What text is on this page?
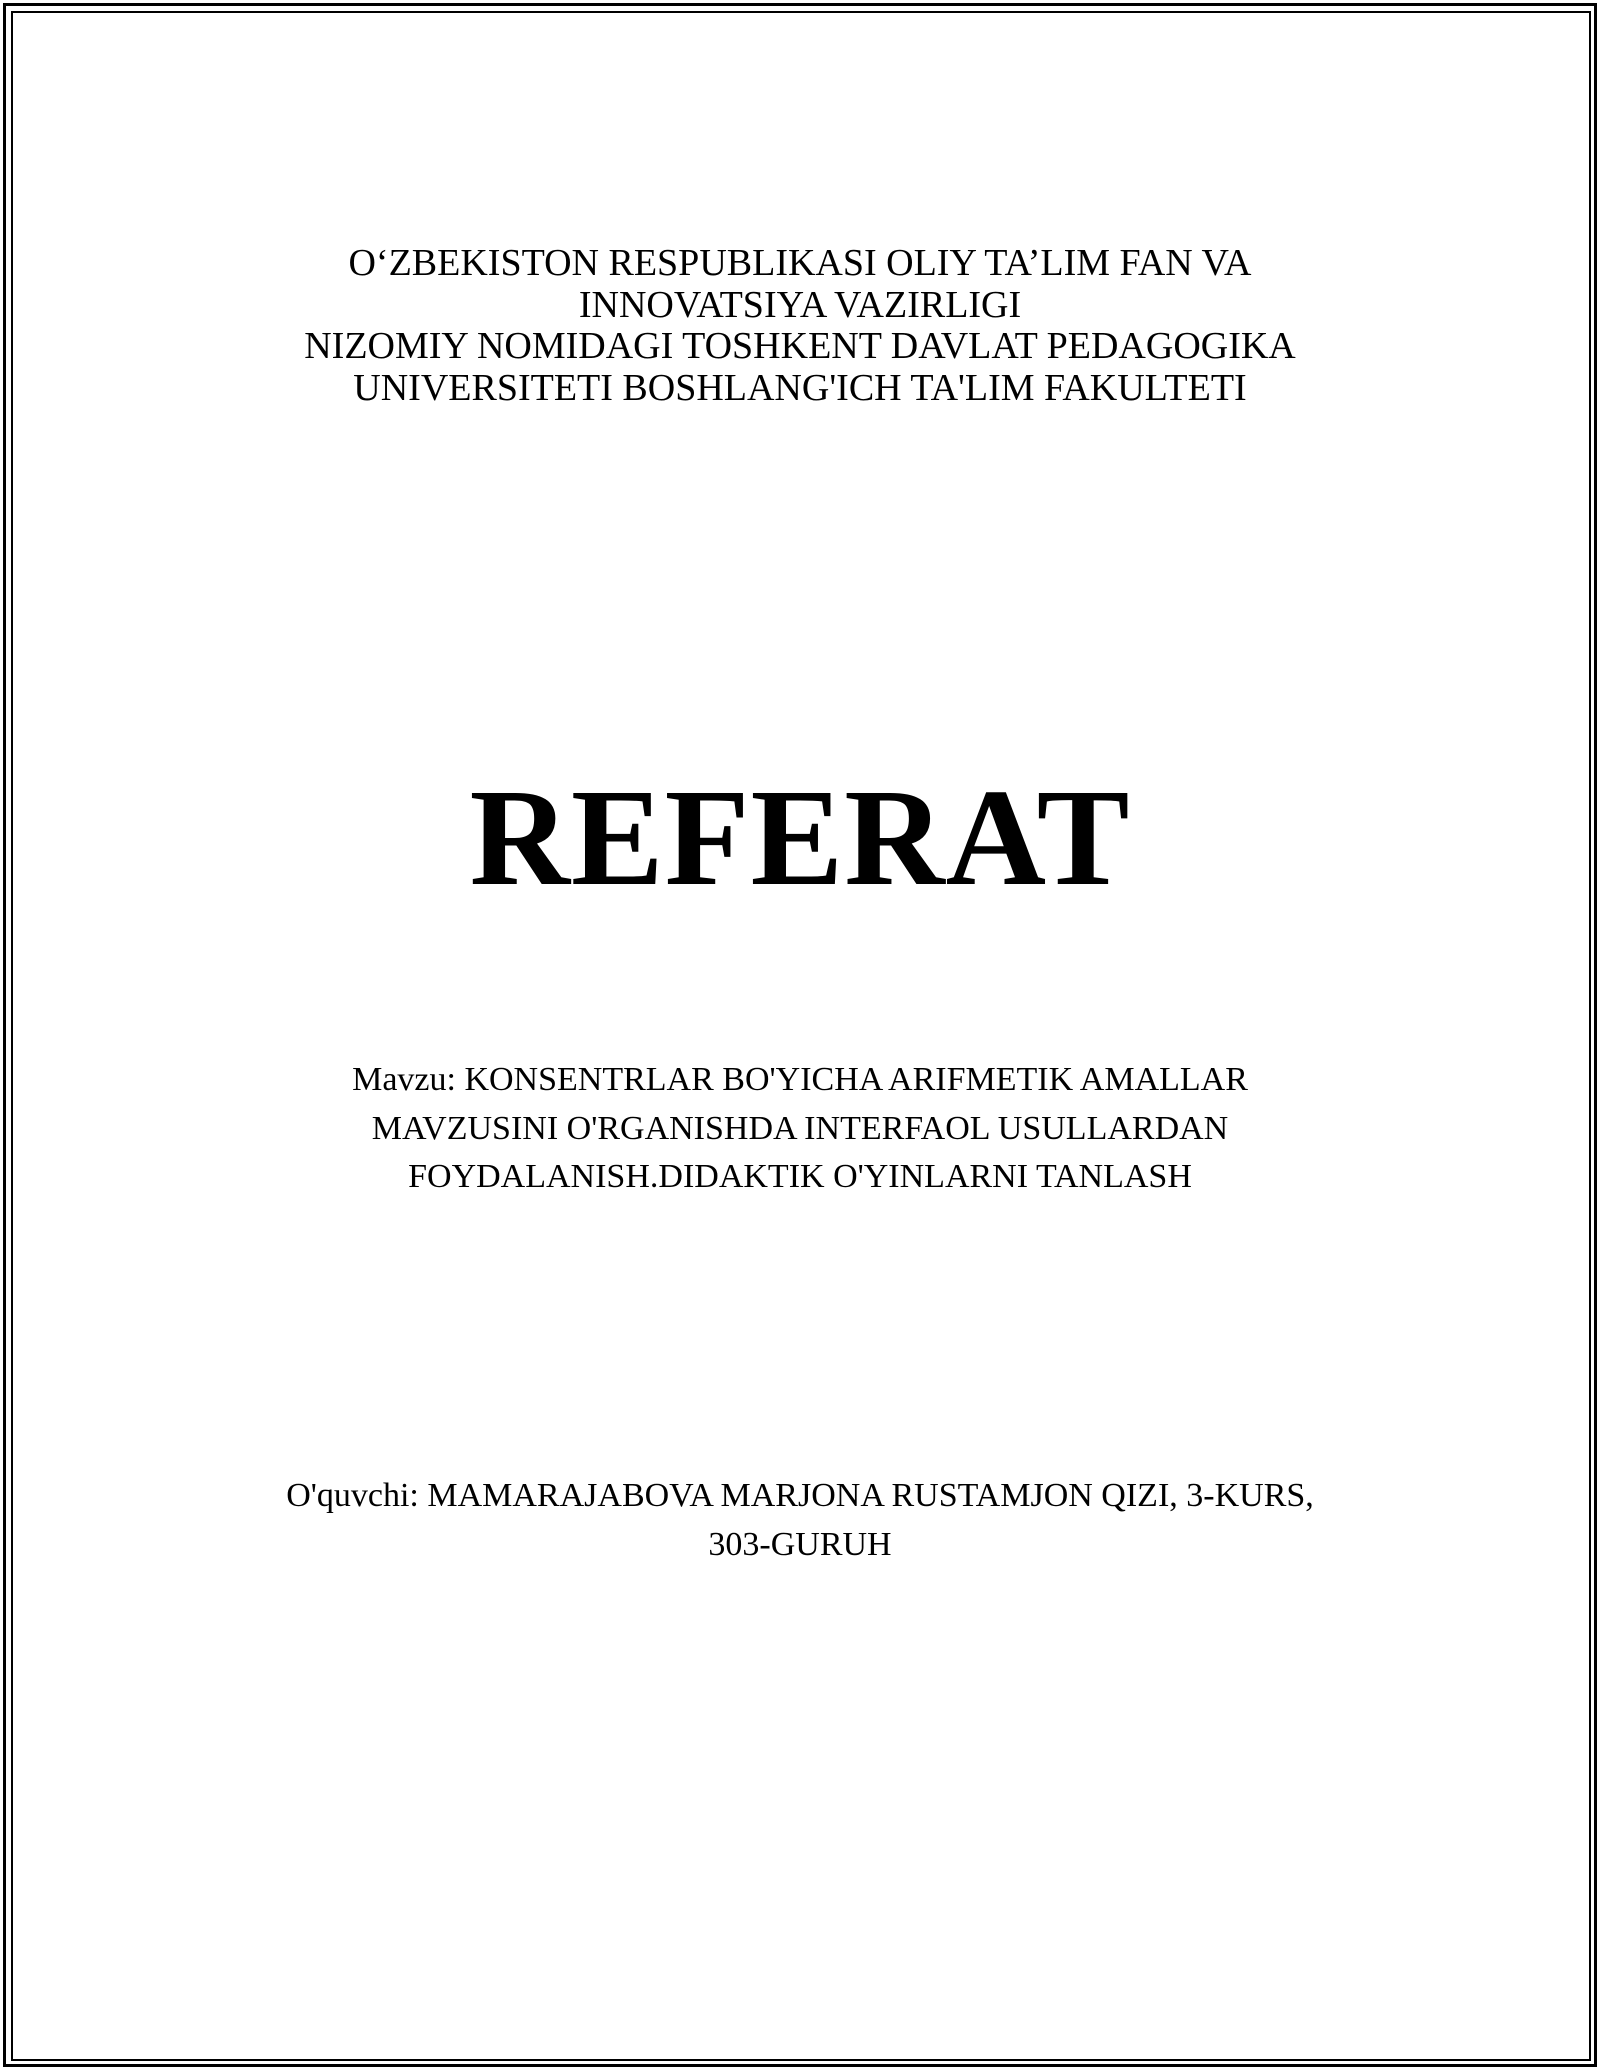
O‘ZBEKISTON RESPUBLIKASI OLIY TA’LIM FAN VA
INNOVATSIYA VAZIRLIGI
NIZOMIY NOMIDAGI TOSHKENT DAVLAT PEDAGOGIKA
UNIVERSITETI BOSHLANG'ICH TA'LIM FAKULTETI
REFERAT
Mavzu: KONSENTRLAR BO'YICHA ARIFMETIK AMALLAR
MAVZUSINI O'RGANISHDA INTERFAOL USULLARDAN
FOYDALANISH.DIDAKTIK O'YINLARNI TANLASH
O'quvchi: MAMARAJABOVA MARJONA RUSTAMJON QIZI, 3-KURS,
303-GURUH
